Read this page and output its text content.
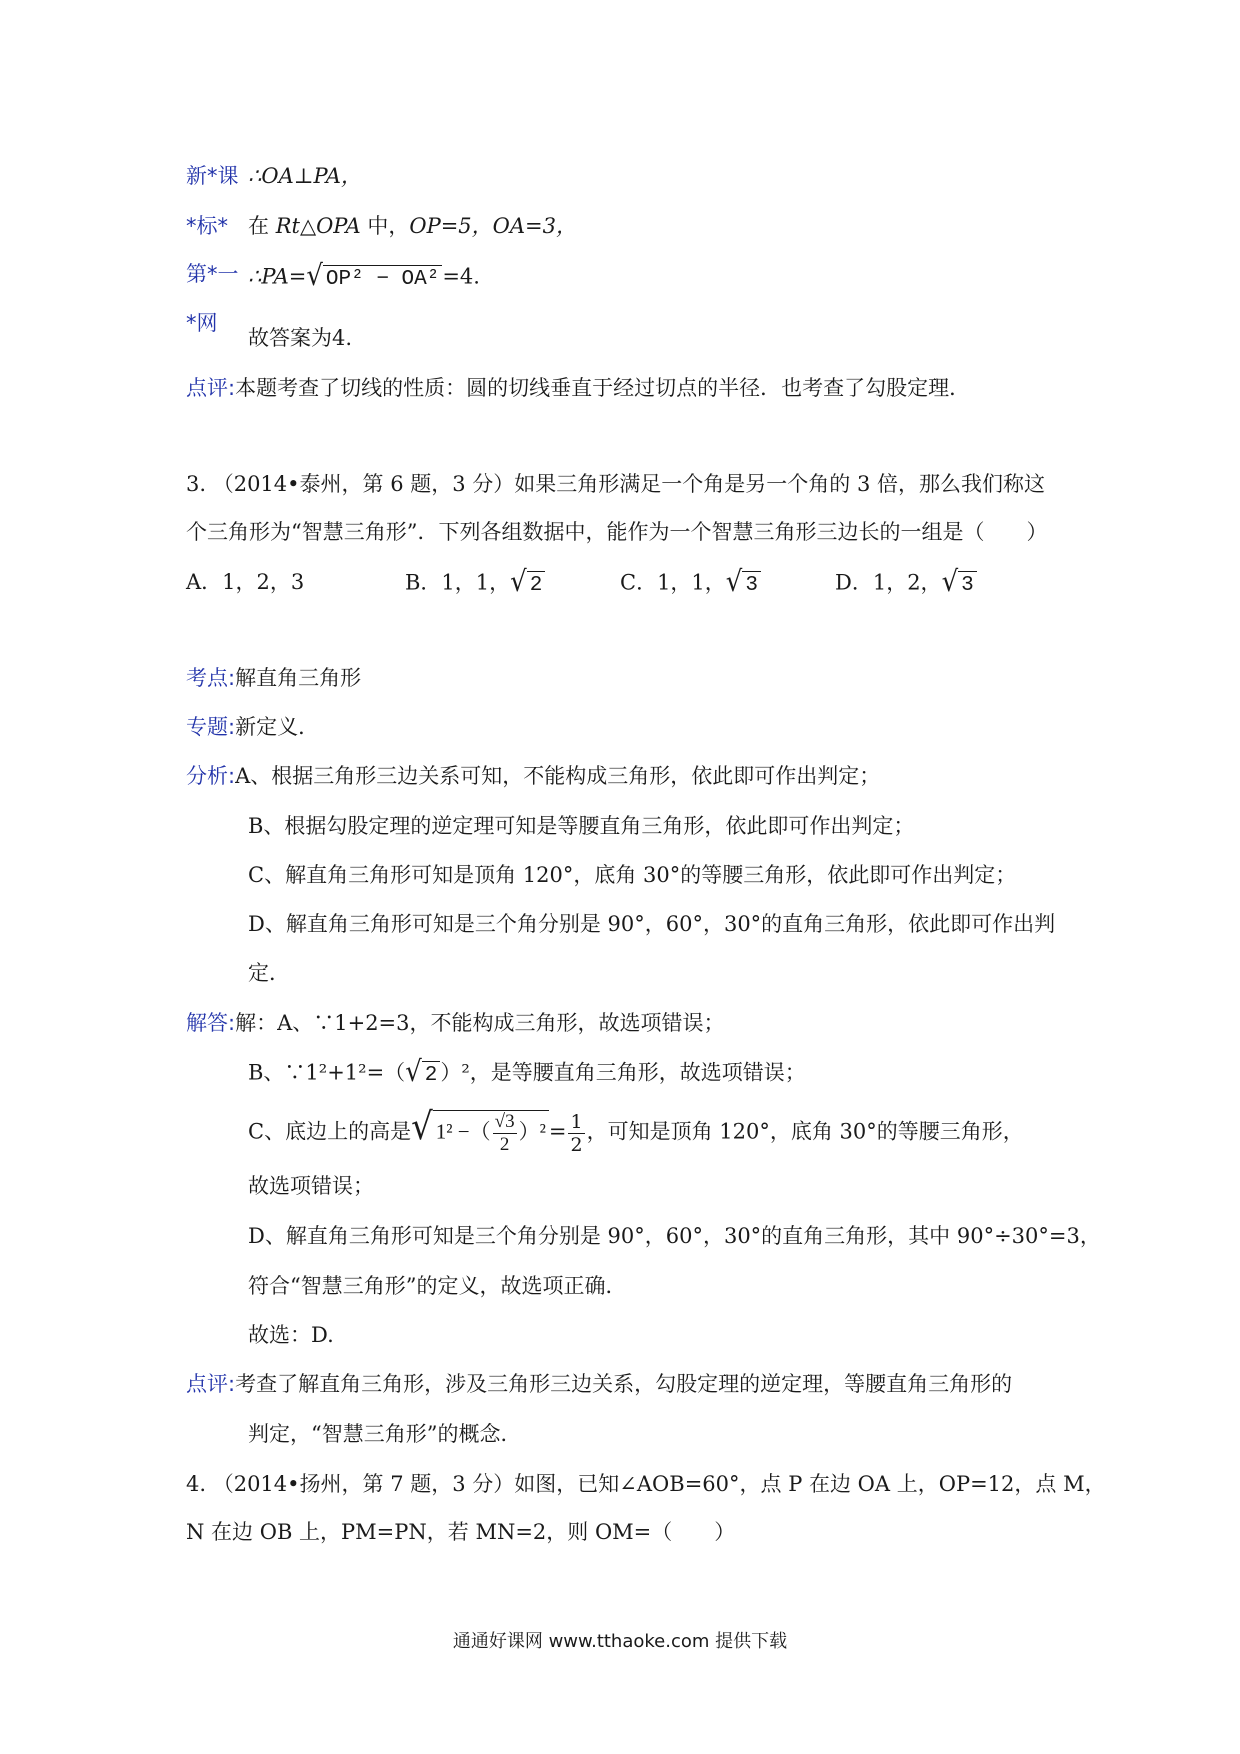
新*课
*标*
第*一
*网
∴OA⊥PA，
在 Rt△OPA 中，OP=5，OA=3，
∴PA=√ OP² − OA² =4.
故答案为4.
点评:本题考查了切线的性质：圆的切线垂直于经过切点的半径．也考查了勾股定理．
3. （2014•泰州，第 6 题，3 分）如果三角形满足一个角是另一个角的 3 倍，那么我们称这
个三角形为“智慧三角形”．下列各组数据中，能作为一个智慧三角形三边长的一组是（　　）
A．1，2，3	B．1，1，√ 2	C．1，1，√ 3	D．1，2，√ 3
考点:解直角三角形
专题:新定义．
分析:A、根据三角形三边关系可知，不能构成三角形，依此即可作出判定；
B、根据勾股定理的逆定理可知是等腰直角三角形，依此即可作出判定；
C、解直角三角形可知是顶角 120°，底角 30°的等腰三角形，依此即可作出判定；
D、解直角三角形可知是三个角分别是 90°，60°，30°的直角三角形，依此即可作出判
定．
解答:解：A、∵1+2=3，不能构成三角形，故选项错误；
B、∵1²+1²=（√ 2 ）²，是等腰直角三角形，故选项错误；
C、底边上的高是√ 1² −（ $\frac{√3}{2} )^2 = \frac{1}{2}$ ，可知是顶角 120°，底角 30°的等腰三角形，
故选项错误；
D、解直角三角形可知是三个角分别是 90°，60°，30°的直角三角形，其中 90°÷30°=3，
符合“智慧三角形”的定义，故选项正确．
故选：D.
点评:考查了解直角三角形，涉及三角形三边关系，勾股定理的逆定理，等腰直角三角形的
判定，“智慧三角形”的概念．
4. （2014•扬州，第 7 题，3 分）如图，已知∠AOB=60°，点 P 在边 OA 上，OP=12，点 M，
N 在边 OB 上，PM=PN，若 MN=2，则 OM=（　　）
通通好课网 www.tthaoke.com 提供下载
